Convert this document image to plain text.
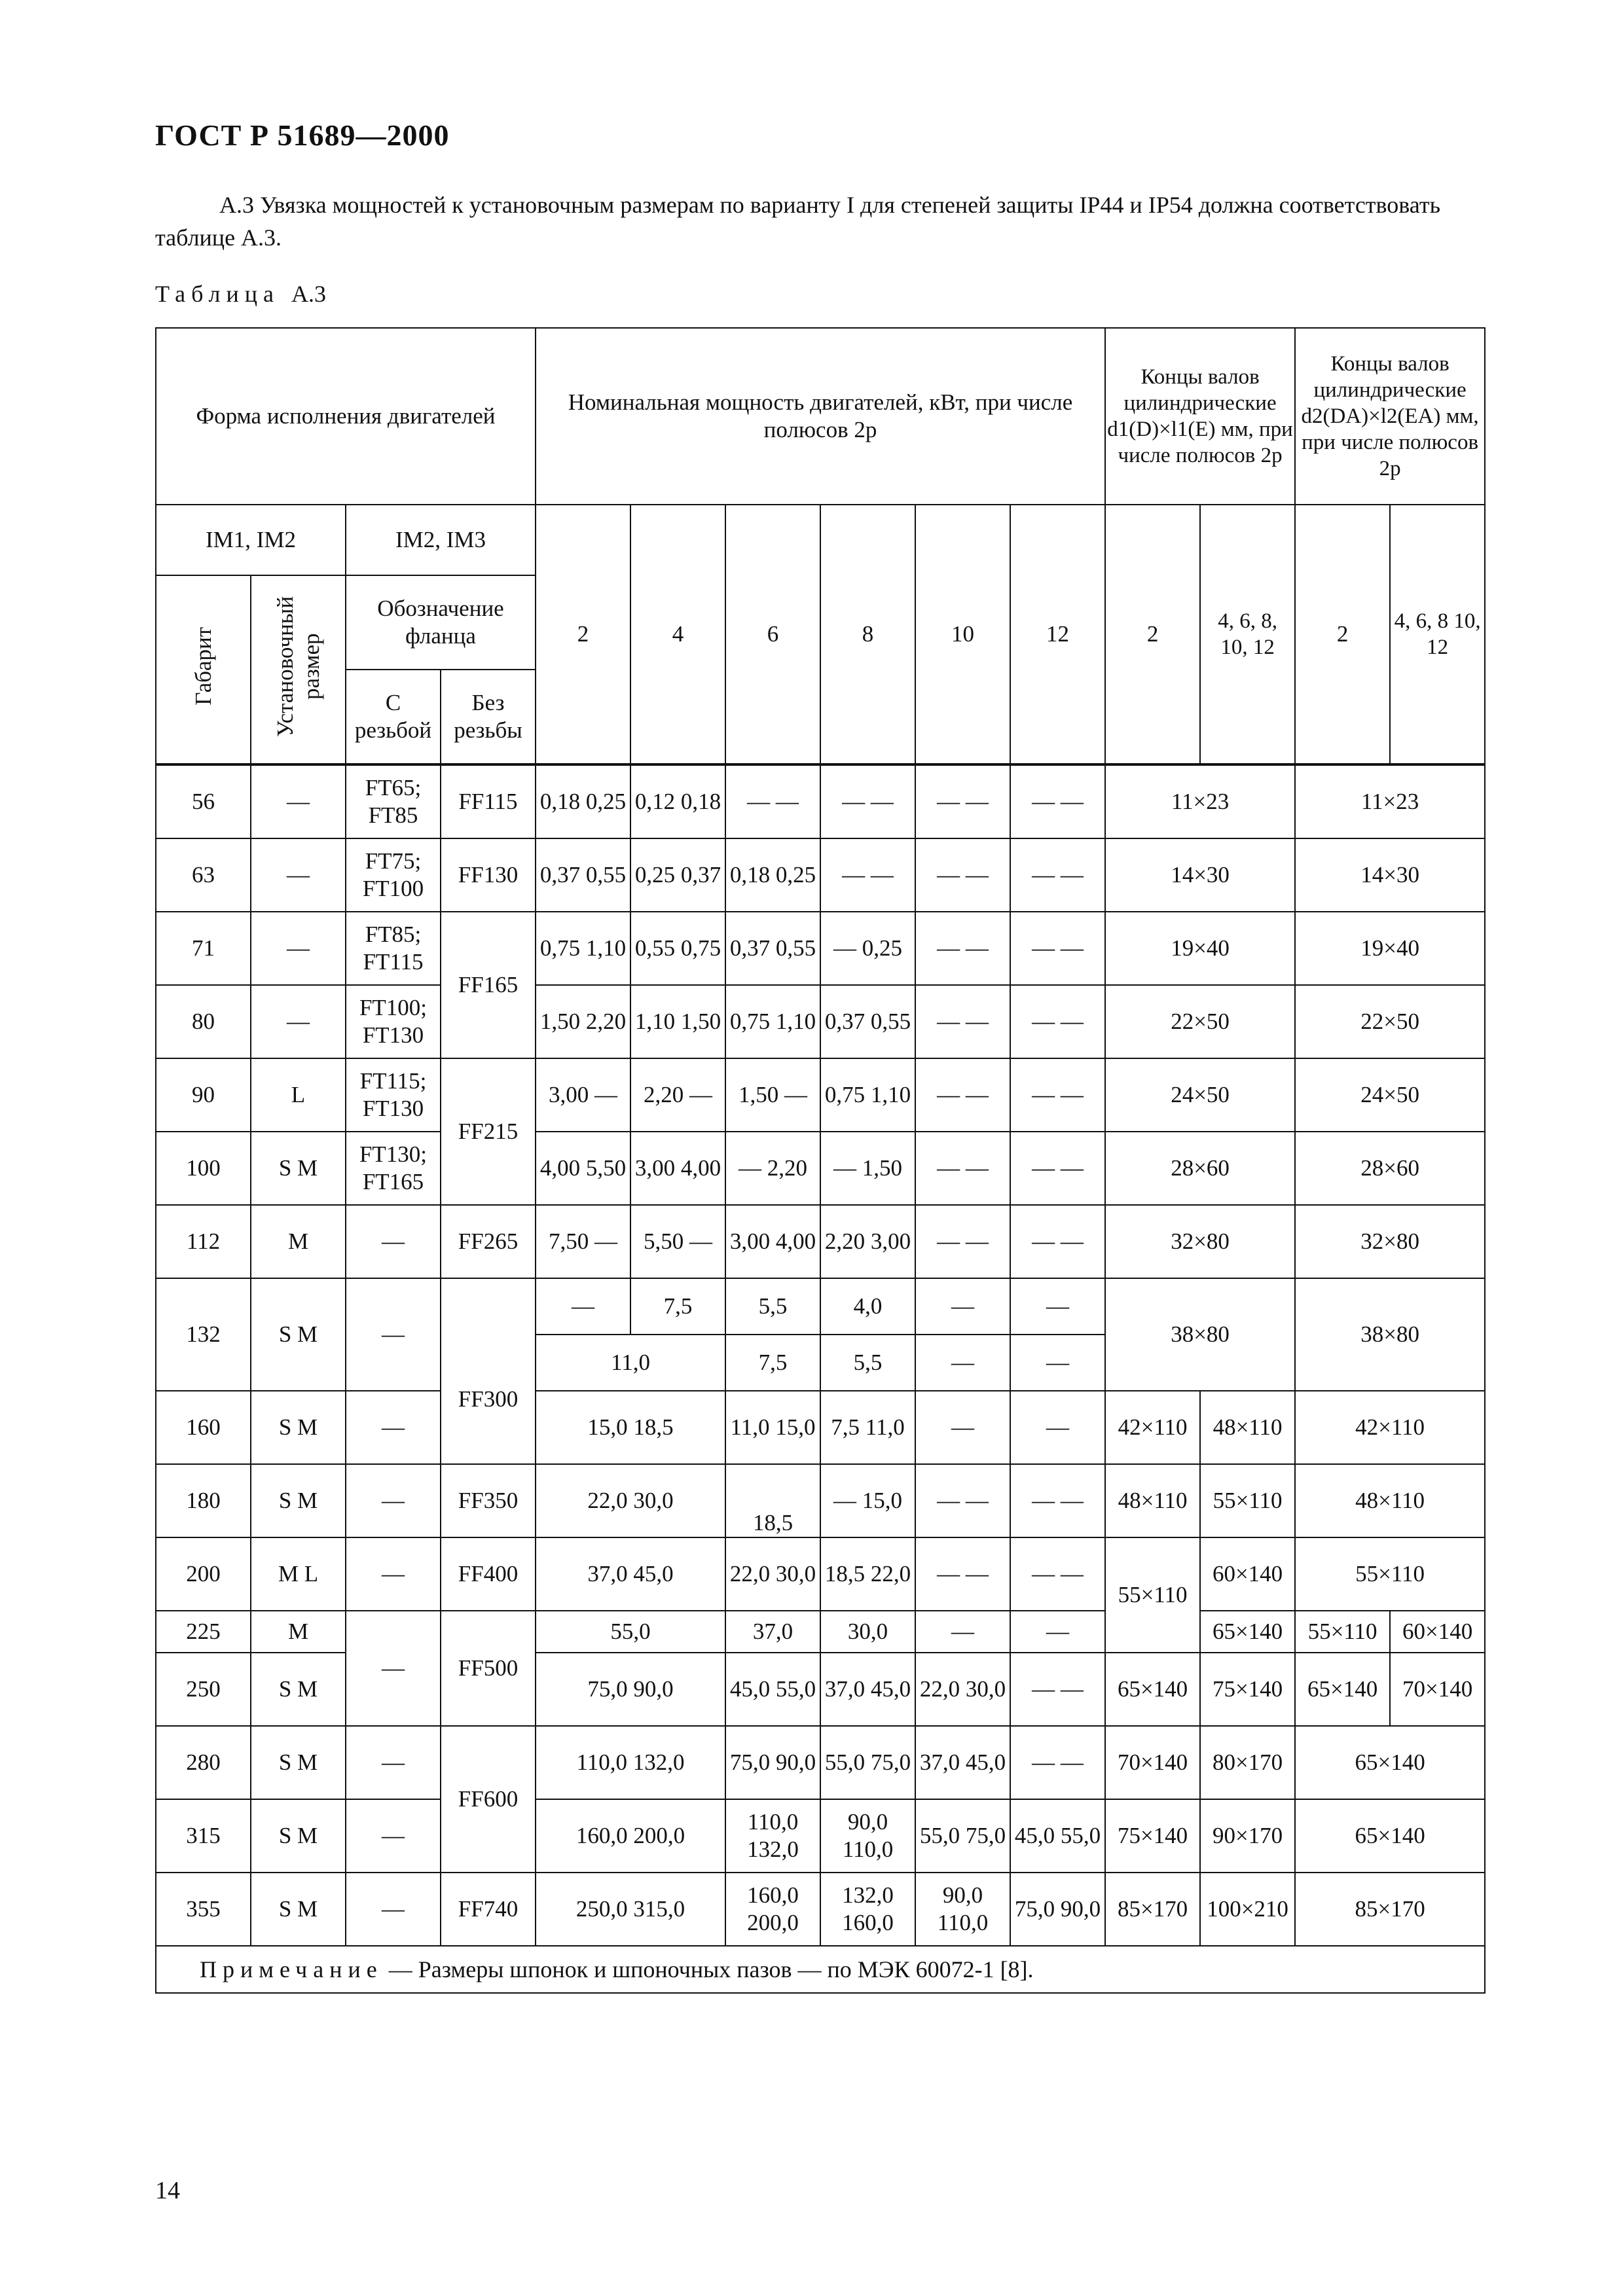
ГОСТ Р 51689—2000
А.3 Увязка мощностей к установочным размерам по варианту I для степеней защиты IP44 и IP54 должна соответствовать таблице А.3.
Таблица А.3
Форма исполнения двигателей				Номинальная мощность двигателей, кВт, при числе полюсов 2p						Концы валов цилиндрические d1(D)×l1(E) мм, при числе полюсов 2p		Концы валов цилиндрические d2(DA)×l2(EA) мм, при числе полюсов 2p	
IM1, IM2		IM2, IM3		2	4	6	8	10	12	2	4, 6, 8, 10, 12	2	4, 6, 8 10, 12
Габарит	Установочный размер	Обозначение фланца											
		С резьбой	Без резьбы										
56	—	FT65; FT85	FF115	0,18 0,25	0,12 0,18	— —	— —	— —	— —	11×23		11×23	
63	—	FT75; FT100	FF130	0,37 0,55	0,25 0,37	0,18 0,25	— —	— —	— —	14×30		14×30	
71	—	FT85; FT115	FF165	0,75 1,10	0,55 0,75	0,37 0,55	— 0,25	— —	— —	19×40		19×40	
80	—	FT100; FT130		1,50 2,20	1,10 1,50	0,75 1,10	0,37 0,55	— —	— —	22×50		22×50	
90	L	FT115; FT130	FF215	3,00 —	2,20 —	1,50 —	0,75 1,10	— —	— —	24×50		24×50	
100	S M	FT130; FT165		4,00 5,50	3,00 4,00	— 2,20	— 1,50	— —	— —	28×60		28×60	
112	M	—	FF265	7,50 —	5,50 —	3,00 4,00	2,20 3,00	— —	— —	32×80		32×80	
132	S M	—		—	7,5	5,5	4,0	—	—	38×80		38×80	
			FF300	11,0		7,5	5,5	—	—				
160	S M	—		15,0 18,5		11,0 15,0	7,5 11,0	—	—	42×110	48×110	42×110	
180	S M	—	FF350	22,0 30,0		18,5	— 15,0	— —	— —	48×110	55×110	48×110	
200	M L	—	FF400	37,0 45,0		22,0 30,0	18,5 22,0	— —	— —	55×110	60×140	55×110	
225	M	—	FF500	55,0		37,0	30,0	—	—		65×140	55×110	60×140
250	S M			75,0 90,0		45,0 55,0	37,0 45,0	22,0 30,0	— —	65×140	75×140	65×140	70×140
280	S M	—	FF600	110,0 132,0		75,0 90,0	55,0 75,0	37,0 45,0	— —	70×140	80×170	65×140	
315	S M	—		160,0 200,0		110,0 132,0	90,0 110,0	55,0 75,0	45,0 55,0	75×140	90×170	65×140	
355	S M	—	FF740	250,0 315,0		160,0 200,0	132,0 160,0	90,0 110,0	75,0 90,0	85×170	100×210	85×170	
Примечание — Размеры шпонок и шпоночных пазов — по МЭК 60072-1 [8].													
14
